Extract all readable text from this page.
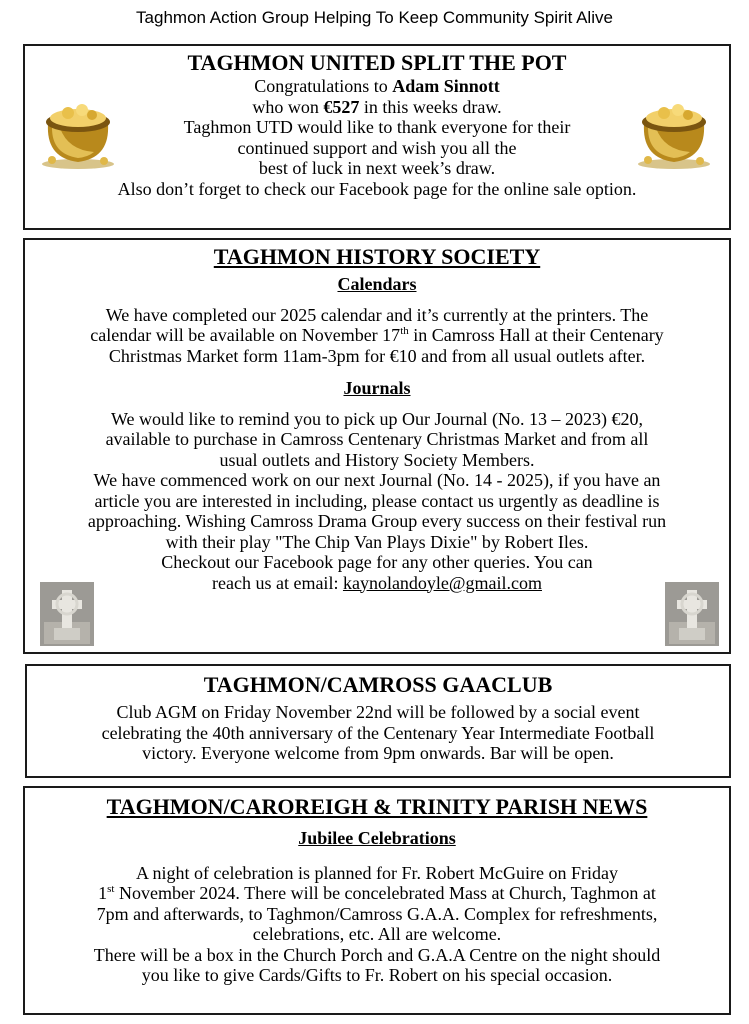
Taghmon Action Group Helping To Keep Community Spirit Alive
TAGHMON UNITED SPLIT THE POT

Congratulations to Adam Sinnott

who won €527 in this weeks draw.

Taghmon UTD would like to thank everyone for their

continued support and wish you all the

best of luck in next week’s draw.

Also don’t forget to check our Facebook page for the online sale option.

TAGHMON HISTORY SOCIETY

Calendars

We have completed our 2025 calendar and it’s currently at the printers. The

calendar will be available on November 17th in Camross Hall at their Centenary

Christmas Market form 11am-3pm for €10 and from all usual outlets after.

Journals

We would like to remind you to pick up Our Journal (No. 13 – 2023) €20,

available to purchase in Camross Centenary Christmas Market and from all

usual outlets and History Society Members.

We have commenced work on our next Journal (No. 14 - 2025), if you have an

article you are interested in including, please contact us urgently as deadline is

approaching. Wishing Camross Drama Group every success on their festival run

with their play "The Chip Van Plays Dixie" by Robert Iles.

Checkout our Facebook page for any other queries. You can

reach us at email: kaynolandoyle@gmail.com

TAGHMON/CAMROSS GAACLUB

Club AGM on Friday November 22nd will be followed by a social event

celebrating the 40th anniversary of the Centenary Year Intermediate Football

victory. Everyone welcome from 9pm onwards. Bar will be open.

TAGHMON/CAROREIGH & TRINITY PARISH NEWS

Jubilee Celebrations

A night of celebration is planned for Fr. Robert McGuire on Friday

1st November 2024. There will be concelebrated Mass at Church, Taghmon at

7pm and afterwards, to Taghmon/Camross G.A.A. Complex for refreshments,

celebrations, etc. All are welcome.

There will be a box in the Church Porch and G.A.A Centre on the night should

you like to give Cards/Gifts to Fr. Robert on his special occasion.
